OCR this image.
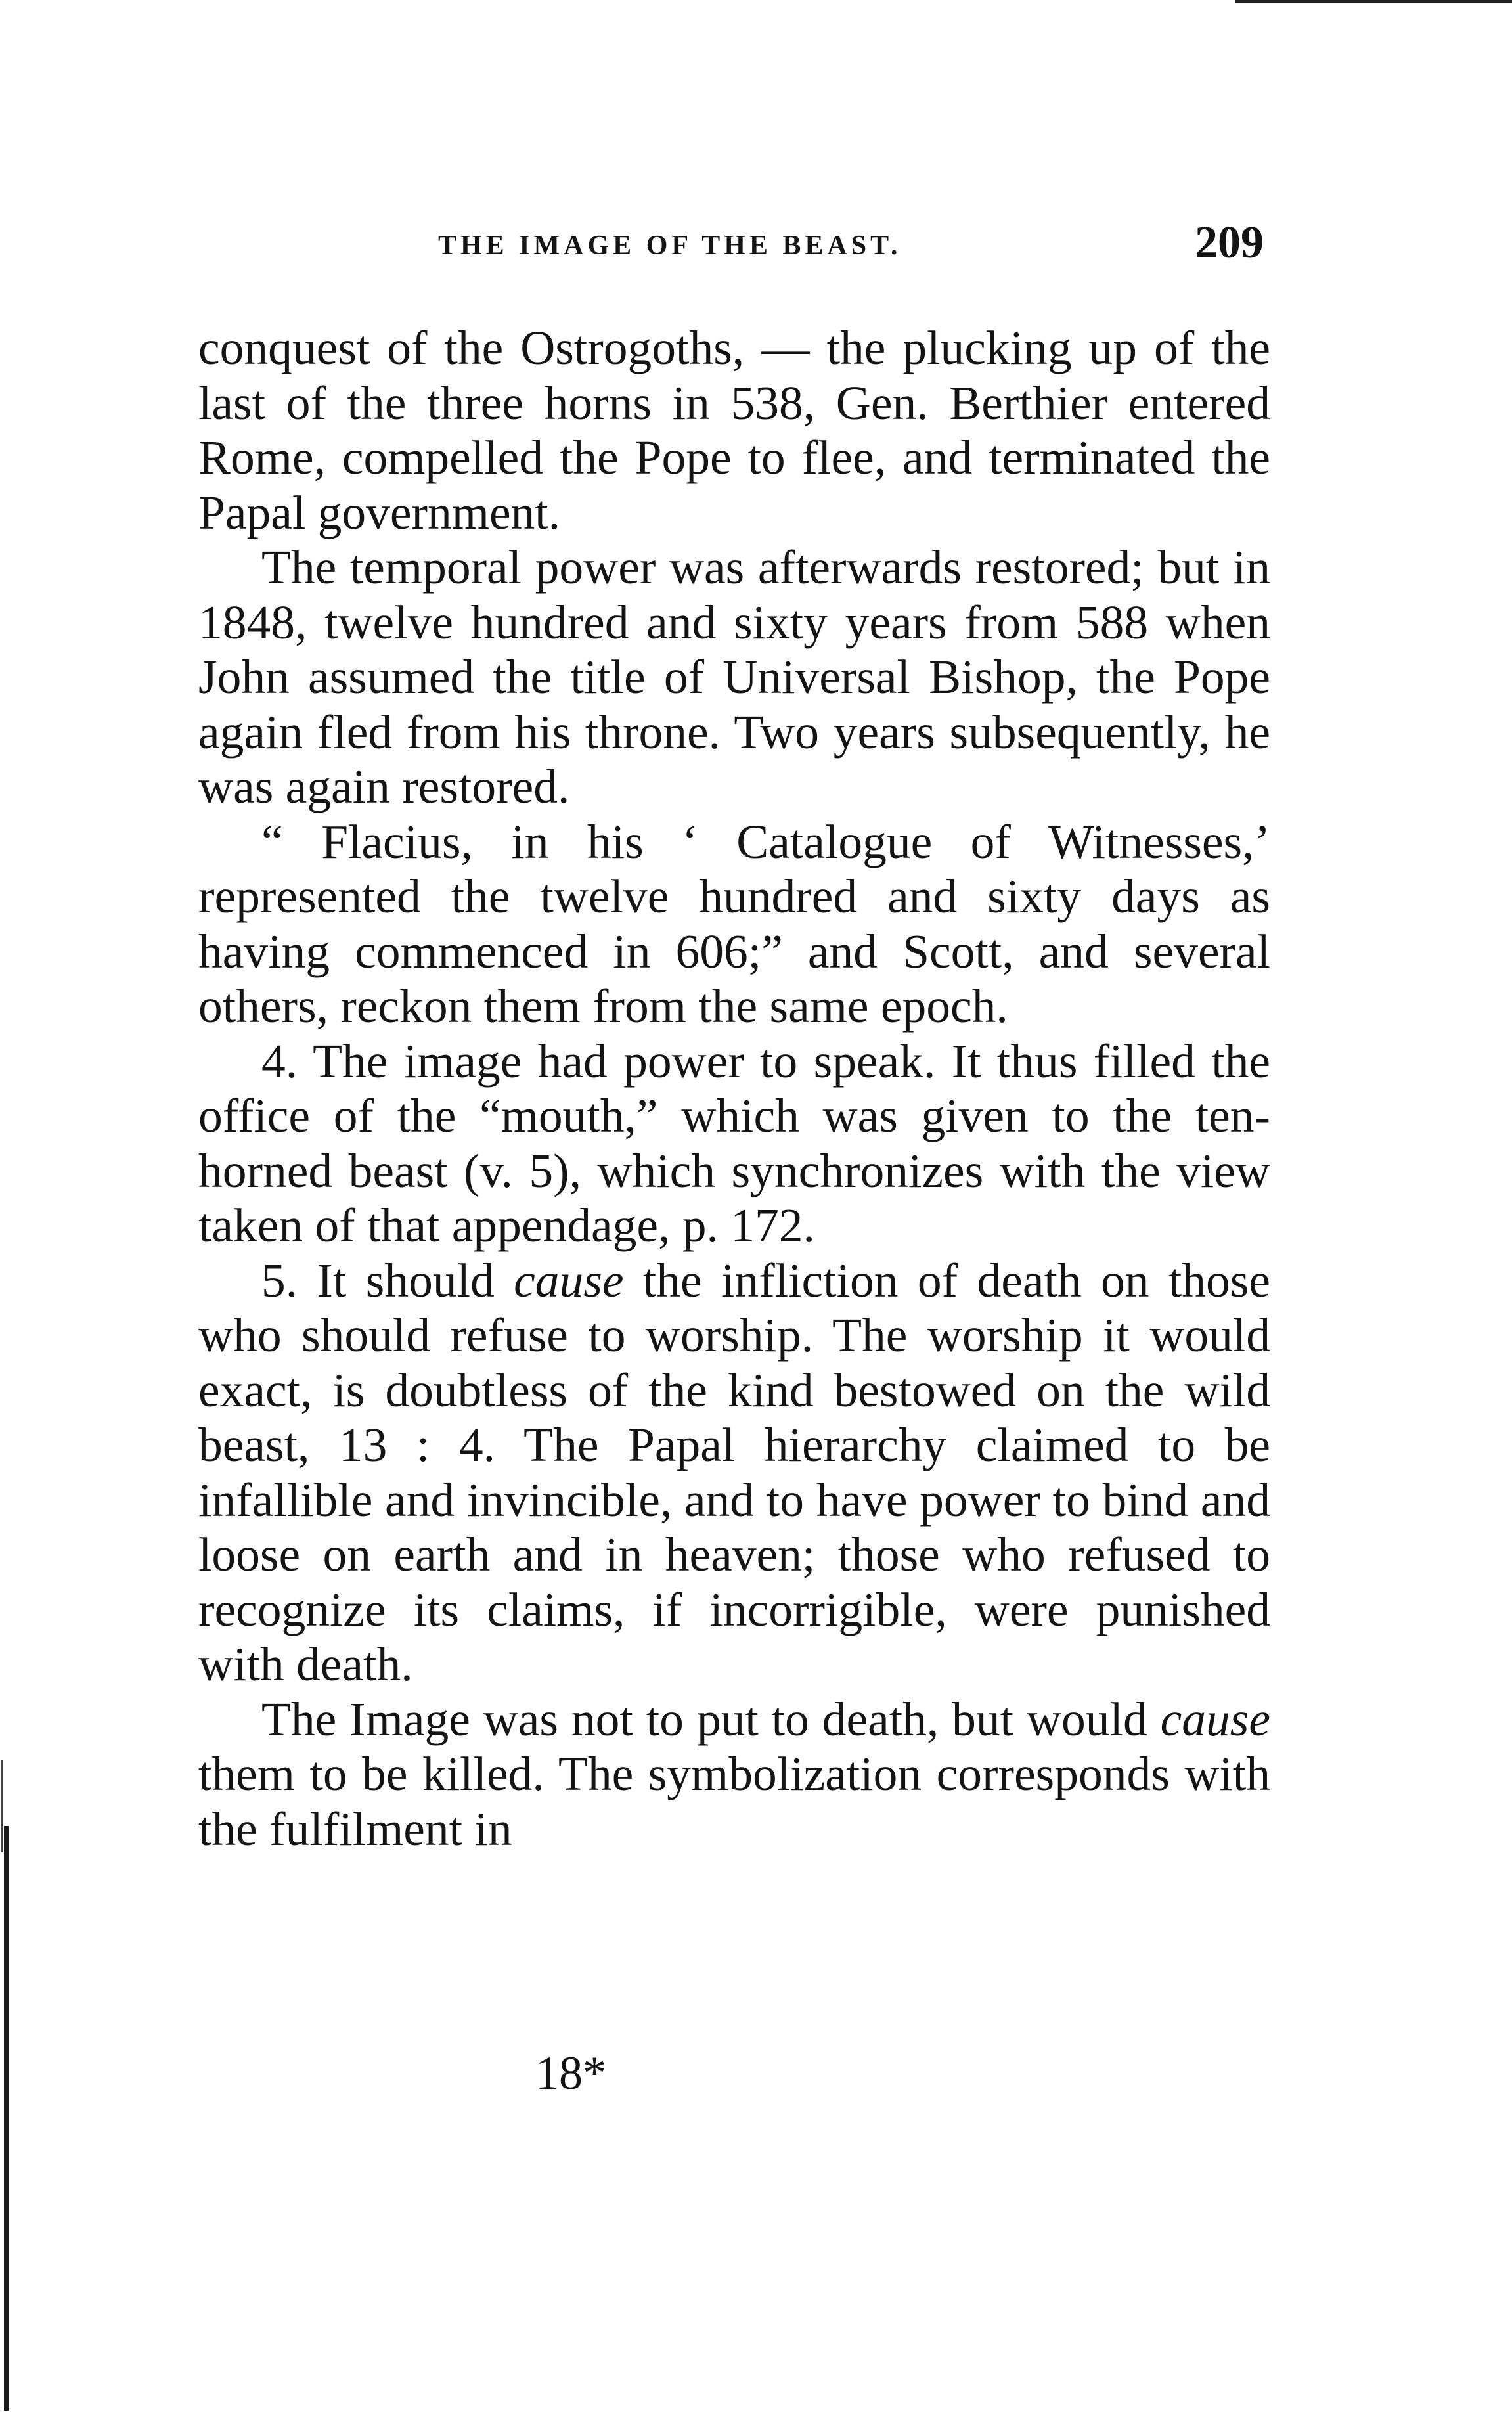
THE IMAGE OF THE BEAST.	209

conquest of the Ostrogoths, — the plucking up of the last of the three horns in 538, Gen. Berthier entered Rome, compelled the Pope to flee, and terminated the Papal government.

The temporal power was afterwards restored; but in 1848, twelve hundred and sixty years from 588 when John assumed the title of Universal Bishop, the Pope again fled from his throne. Two years subsequently, he was again restored.

“ Flacius, in his ‘ Catalogue of Witnesses,’ represented the twelve hundred and sixty days as having commenced in 606;” and Scott, and several others, reckon them from the same epoch.

4. The image had power to speak. It thus filled the office of the “mouth,” which was given to the ten-horned beast (v. 5), which synchronizes with the view taken of that appendage, p. 172.

5. It should cause the infliction of death on those who should refuse to worship. The worship it would exact, is doubtless of the kind bestowed on the wild beast, 13 : 4. The Papal hierarchy claimed to be infallible and invincible, and to have power to bind and loose on earth and in heaven; those who refused to recognize its claims, if incorrigible, were punished with death.

The Image was not to put to death, but would cause them to be killed. The symbolization corresponds with the fulfilment in

18*
